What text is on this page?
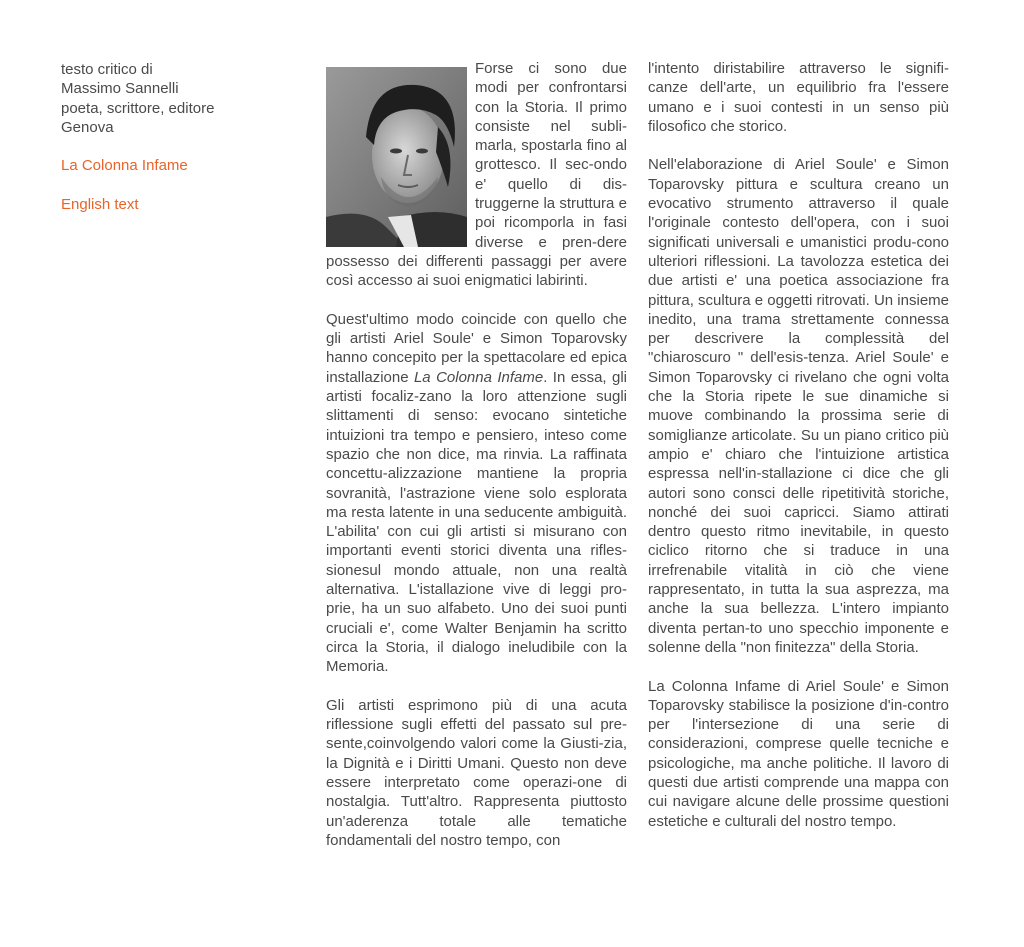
testo critico di
Massimo Sannelli
poeta, scrittore, editore
Genova
La Colonna Infame
English text

Forse ci sono due modi per confrontarsi con la Storia. Il primo consiste nel subli-marla, spostarla fino al grottesco. Il sec-ondo e' quello di dis-truggerne la struttura e poi ricomporla in fasi diverse e pren-dere possesso dei differenti passaggi per avere così accesso ai suoi enigmatici labirinti.

Quest'ultimo modo coincide con quello che gli artisti Ariel Soule' e Simon Toparovsky hanno concepito per la spettacolare ed epica installazione La Colonna Infame. In essa, gli artisti focaliz-zano la loro attenzione sugli slittamenti di senso: evocano sintetiche intuizioni tra tempo e pensiero, inteso come spazio che non dice, ma rinvia. La raffinata concettu-alizzazione mantiene la propria sovranità, l'astrazione viene solo esplorata ma resta latente in una seducente ambiguità. L'abilita' con cui gli artisti si misurano con importanti eventi storici diventa una rifles-sionesul mondo attuale, non una realtà alternativa. L'istallazione vive di leggi pro-prie, ha un suo alfabeto. Uno dei suoi punti cruciali e', come Walter Benjamin ha scritto circa la Storia, il dialogo ineludibile con la Memoria.

Gli artisti esprimono più di una acuta riflessione sugli effetti del passato sul pre-sente,coinvolgendo valori come la Giusti-zia, la Dignità e i Diritti Umani. Questo non deve essere interpretato come operazi-one di nostalgia. Tutt'altro. Rappresenta piuttosto un'aderenza totale alle tematiche fondamentali del nostro tempo, con

l'intento diristabilire attraverso le signifi-canze dell'arte, un equilibrio fra l'essere umano e i suoi contesti in un senso più filosofico che storico.

Nell'elaborazione di Ariel Soule' e Simon Toparovsky pittura e scultura creano un evocativo strumento attraverso il quale l'originale contesto dell'opera, con i suoi significati universali e umanistici produ-cono ulteriori riflessioni. La tavolozza estetica dei due artisti e' una poetica associazione fra pittura, scultura e oggetti ritrovati. Un insieme inedito, una trama strettamente connessa per descrivere la complessità del "chiaroscuro " dell'esis-tenza. Ariel Soule' e Simon Toparovsky ci rivelano che ogni volta che la Storia ripete le sue dinamiche si muove combinando la prossima serie di somiglianze articolate. Su un piano critico più ampio e' chiaro che l'intuizione artistica espressa nell'in-stallazione ci dice che gli autori sono consci delle ripetitività storiche, nonché dei suoi capricci. Siamo attirati dentro questo ritmo inevitabile, in questo ciclico ritorno che si traduce in una irrefrenabile vitalità in ciò che viene rappresentato, in tutta la sua asprezza, ma anche la sua bellezza. L'intero impianto diventa pertan-to uno specchio imponente e solenne della "non finitezza" della Storia.

La Colonna Infame di Ariel Soule' e Simon Toparovsky stabilisce la posizione d'in-contro per l'intersezione di una serie di considerazioni, comprese quelle tecniche e psicologiche, ma anche politiche. Il lavoro di questi due artisti comprende una mappa con cui navigare alcune delle prossime questioni estetiche e culturali del nostro tempo.
